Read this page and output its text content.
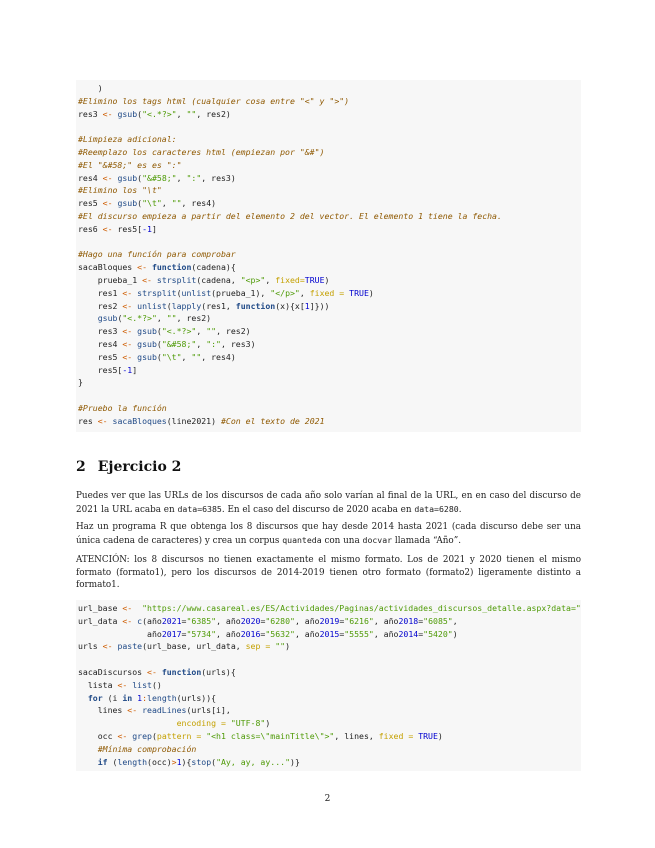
)
#Elimino los tags html (cualquier cosa entre "<" y ">")
res3 <- gsub("<.*?>", "", res2)

#Limpieza adicional:
#Reemplazo los caracteres html (empiezan por "&#")
#El "&#58;" es es ":"
res4 <- gsub("&#58;", ":", res3)
#Elimino los "\t"
res5 <- gsub("\t", "", res4)
#El discurso empieza a partir del elemento 2 del vector. El elemento 1 tiene la fecha.
res6 <- res5[-1]

#Hago una función para comprobar
sacaBloques <- function(cadena){
prueba_1 <- strsplit(cadena, "<p>", fixed=TRUE)
res1 <- strsplit(unlist(prueba_1), "</p>", fixed = TRUE)
res2 <- unlist(lapply(res1, function(x){x[1]}))
gsub("<.*?>", "", res2)
res3 <- gsub("<.*?>", "", res2)
res4 <- gsub("&#58;", ":", res3)
res5 <- gsub("\t", "", res4)
res5[-1]
}

#Pruebo la función
res <- sacaBloques(line2021) #Con el texto de 2021

2 Ejercicio 2

Puedes ver que las URLs de los discursos de cada año solo varían al final de la URL, en en caso del discurso de 2021 la URL acaba en data=6385. En el caso del discurso de 2020 acaba en data=6280.

Haz un programa R que obtenga los 8 discursos que hay desde 2014 hasta 2021 (cada discurso debe ser una única cadena de caracteres) y crea un corpus quanteda con una docvar llamada “Año”.

ATENCIÓN: los 8 discursos no tienen exactamente el mismo formato. Los de 2021 y 2020 tienen el mismo formato (formato1), pero los discursos de 2014-2019 tienen otro formato (formato2) ligeramente distinto a formato1.

url_base <- "https://www.casareal.es/ES/Actividades/Paginas/actividades_discursos_detalle.aspx?data="
url_data <- c(año2021="6385", año2020="6280", año2019="6216", año2018="6085",
año2017="5734", año2016="5632", año2015="5555", año2014="5420")
urls <- paste(url_base, url_data, sep = "")

sacaDiscursos <- function(urls){
lista <- list()
for (i in 1:length(urls)){
lines <- readLines(urls[i],
encoding = "UTF-8")
occ <- grep(pattern = "<h1 class=\"mainTitle\">", lines, fixed = TRUE)
#Mínima comprobación
if (length(occ)>1){stop("Ay, ay, ay...")}

2
